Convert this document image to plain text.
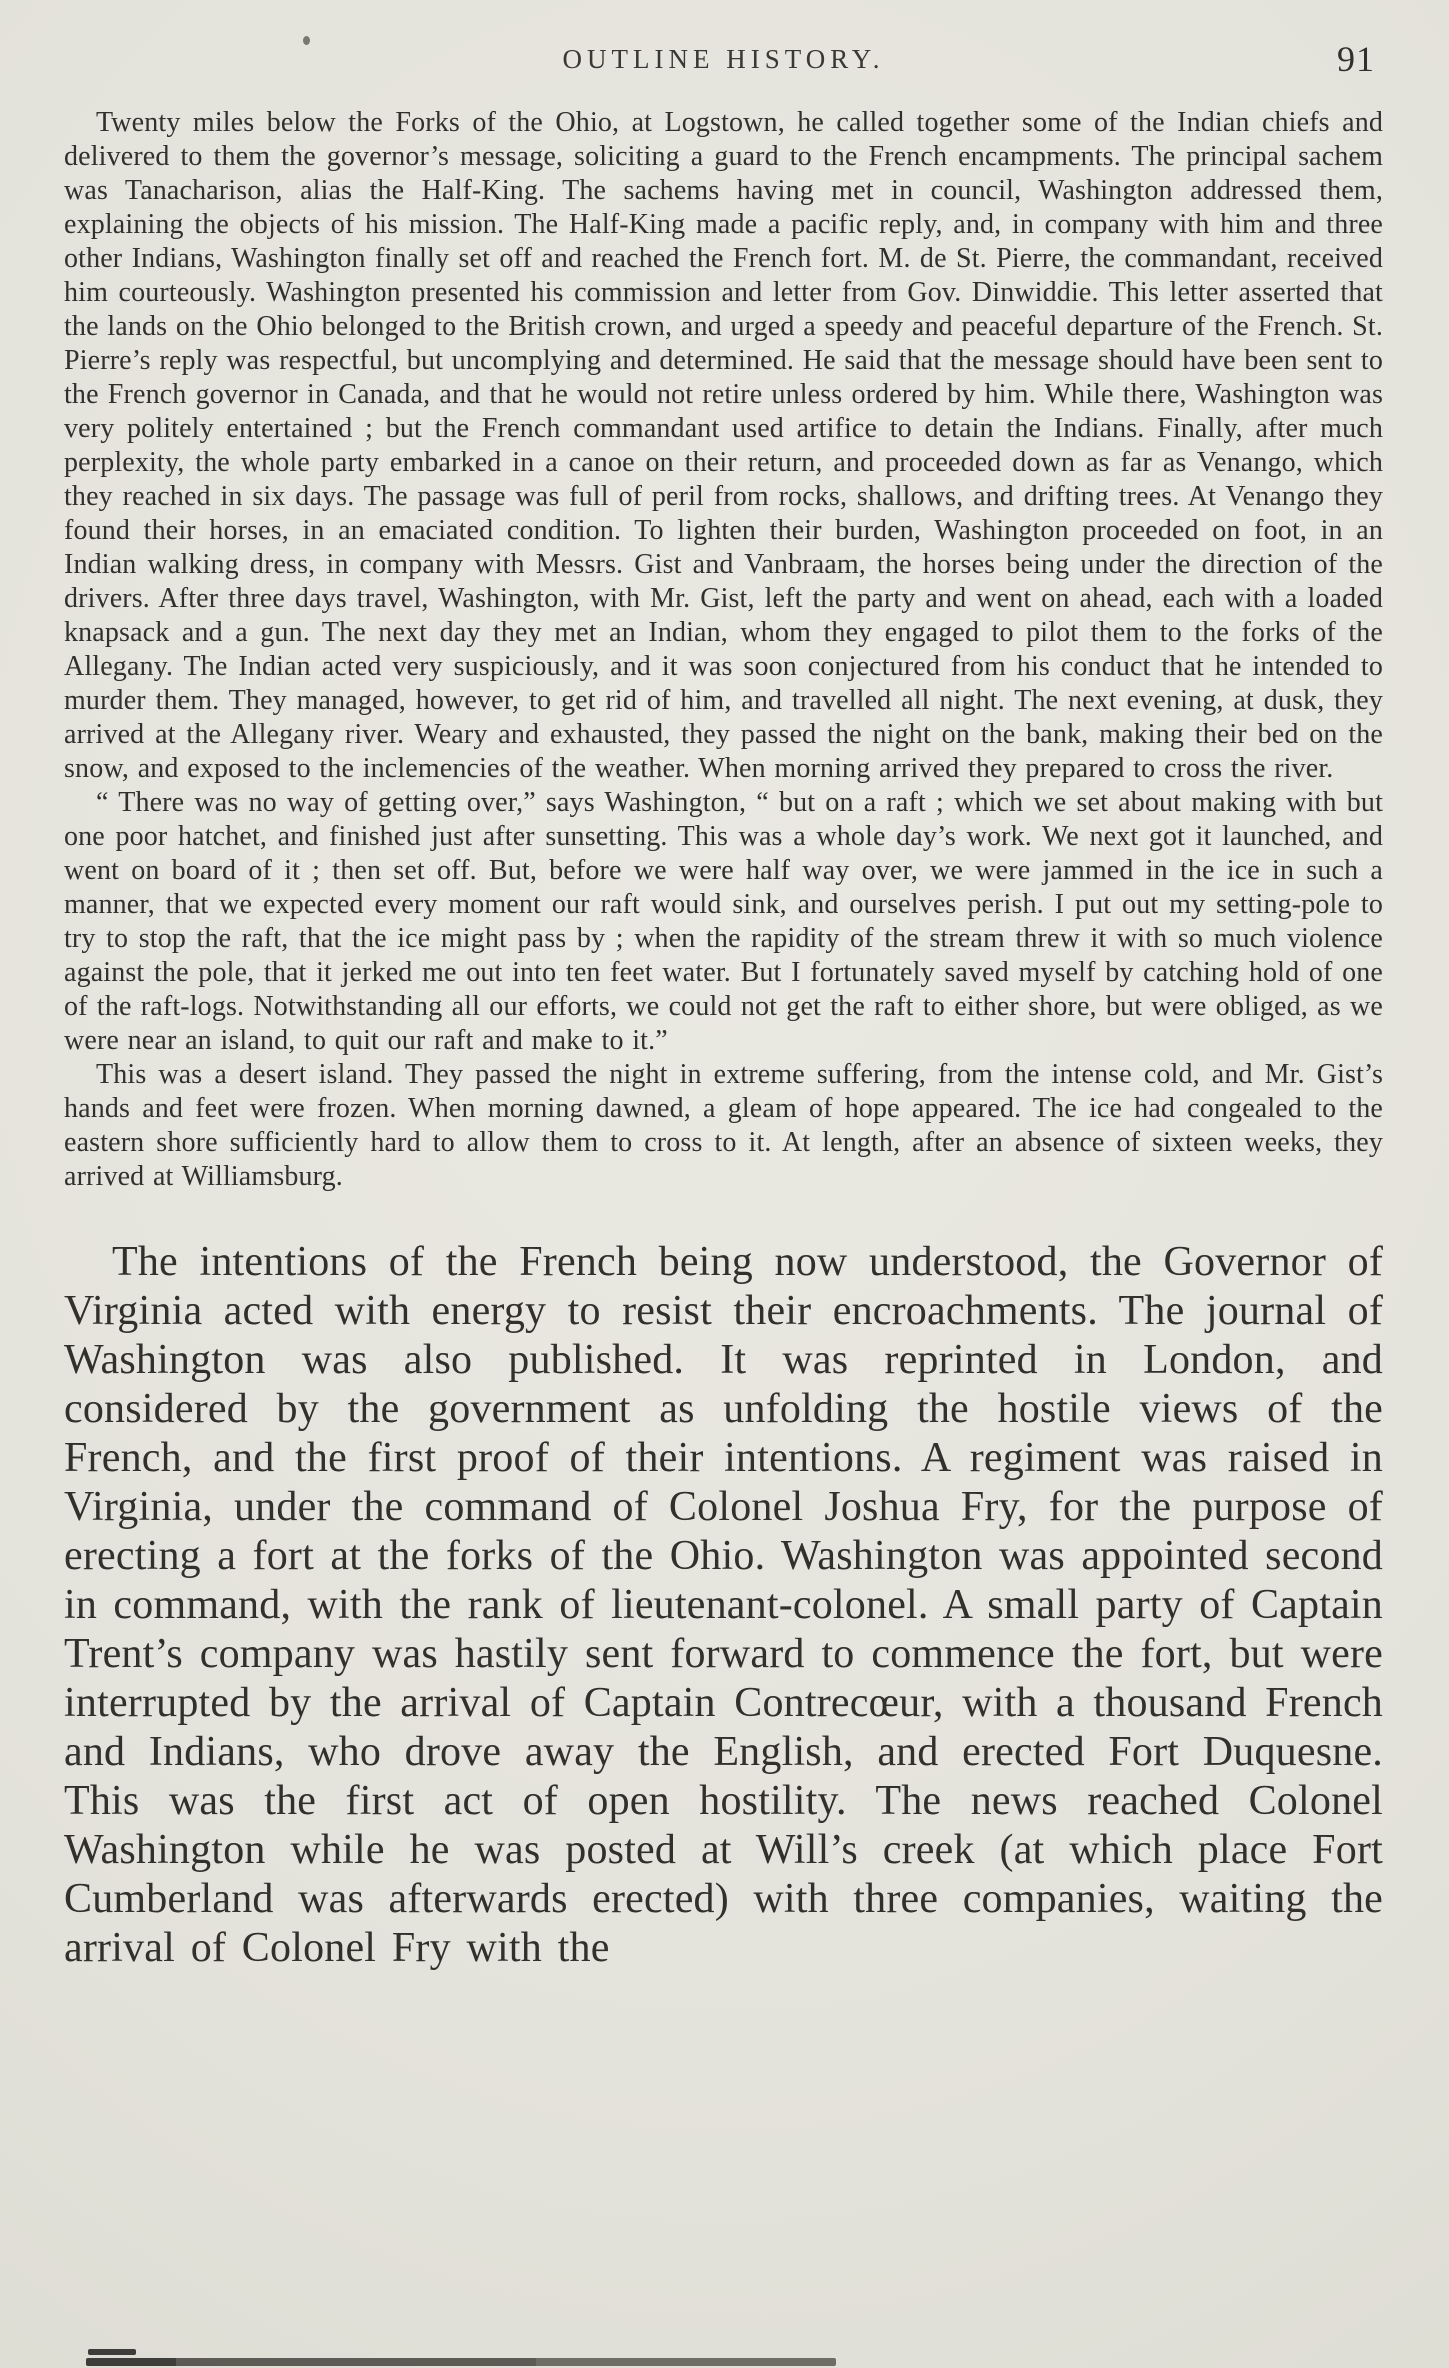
OUTLINE HISTORY.	91

Twenty miles below the Forks of the Ohio, at Logstown, he called together some of the Indian chiefs and delivered to them the governor’s message, soliciting a guard to the French encampments. The principal sachem was Tanacharison, alias the Half-King. The sachems having met in council, Washington addressed them, explaining the objects of his mission. The Half-King made a pacific reply, and, in company with him and three other Indians, Washington finally set off and reached the French fort. M. de St. Pierre, the commandant, received him courteously. Washington presented his commission and letter from Gov. Dinwiddie. This letter asserted that the lands on the Ohio belonged to the British crown, and urged a speedy and peaceful departure of the French. St. Pierre’s reply was respectful, but uncomplying and determined. He said that the message should have been sent to the French governor in Canada, and that he would not retire unless ordered by him. While there, Washington was very politely entertained ; but the French commandant used artifice to detain the Indians. Finally, after much perplexity, the whole party embarked in a canoe on their return, and proceeded down as far as Venango, which they reached in six days. The passage was full of peril from rocks, shallows, and drifting trees. At Venango they found their horses, in an emaciated condition. To lighten their burden, Washington proceeded on foot, in an Indian walking dress, in company with Messrs. Gist and Vanbraam, the horses being under the direction of the drivers. After three days travel, Washington, with Mr. Gist, left the party and went on ahead, each with a loaded knapsack and a gun. The next day they met an Indian, whom they engaged to pilot them to the forks of the Allegany. The Indian acted very suspiciously, and it was soon conjectured from his conduct that he intended to murder them. They managed, however, to get rid of him, and travelled all night. The next evening, at dusk, they arrived at the Allegany river. Weary and exhausted, they passed the night on the bank, making their bed on the snow, and exposed to the inclemencies of the weather. When morning arrived they prepared to cross the river.

“ There was no way of getting over,” says Washington, “ but on a raft ; which we set about making with but one poor hatchet, and finished just after sunsetting. This was a whole day’s work. We next got it launched, and went on board of it ; then set off. But, before we were half way over, we were jammed in the ice in such a manner, that we expected every moment our raft would sink, and ourselves perish. I put out my setting-pole to try to stop the raft, that the ice might pass by ; when the rapidity of the stream threw it with so much violence against the pole, that it jerked me out into ten feet water. But I fortunately saved myself by catching hold of one of the raft-logs. Notwithstanding all our efforts, we could not get the raft to either shore, but were obliged, as we were near an island, to quit our raft and make to it.”

This was a desert island. They passed the night in extreme suffering, from the intense cold, and Mr. Gist’s hands and feet were frozen. When morning dawned, a gleam of hope appeared. The ice had congealed to the eastern shore sufficiently hard to allow them to cross to it. At length, after an absence of sixteen weeks, they arrived at Williamsburg.

The intentions of the French being now understood, the Governor of Virginia acted with energy to resist their encroachments. The journal of Washington was also published. It was reprinted in London, and considered by the government as unfolding the hostile views of the French, and the first proof of their intentions. A regiment was raised in Virginia, under the command of Colonel Joshua Fry, for the purpose of erecting a fort at the forks of the Ohio. Washington was appointed second in command, with the rank of lieutenant-colonel. A small party of Captain Trent’s company was hastily sent forward to commence the fort, but were interrupted by the arrival of Captain Contrecœur, with a thousand French and Indians, who drove away the English, and erected Fort Duquesne. This was the first act of open hostility. The news reached Colonel Washington while he was posted at Will’s creek (at which place Fort Cumberland was afterwards erected) with three companies, waiting the arrival of Colonel Fry with the
